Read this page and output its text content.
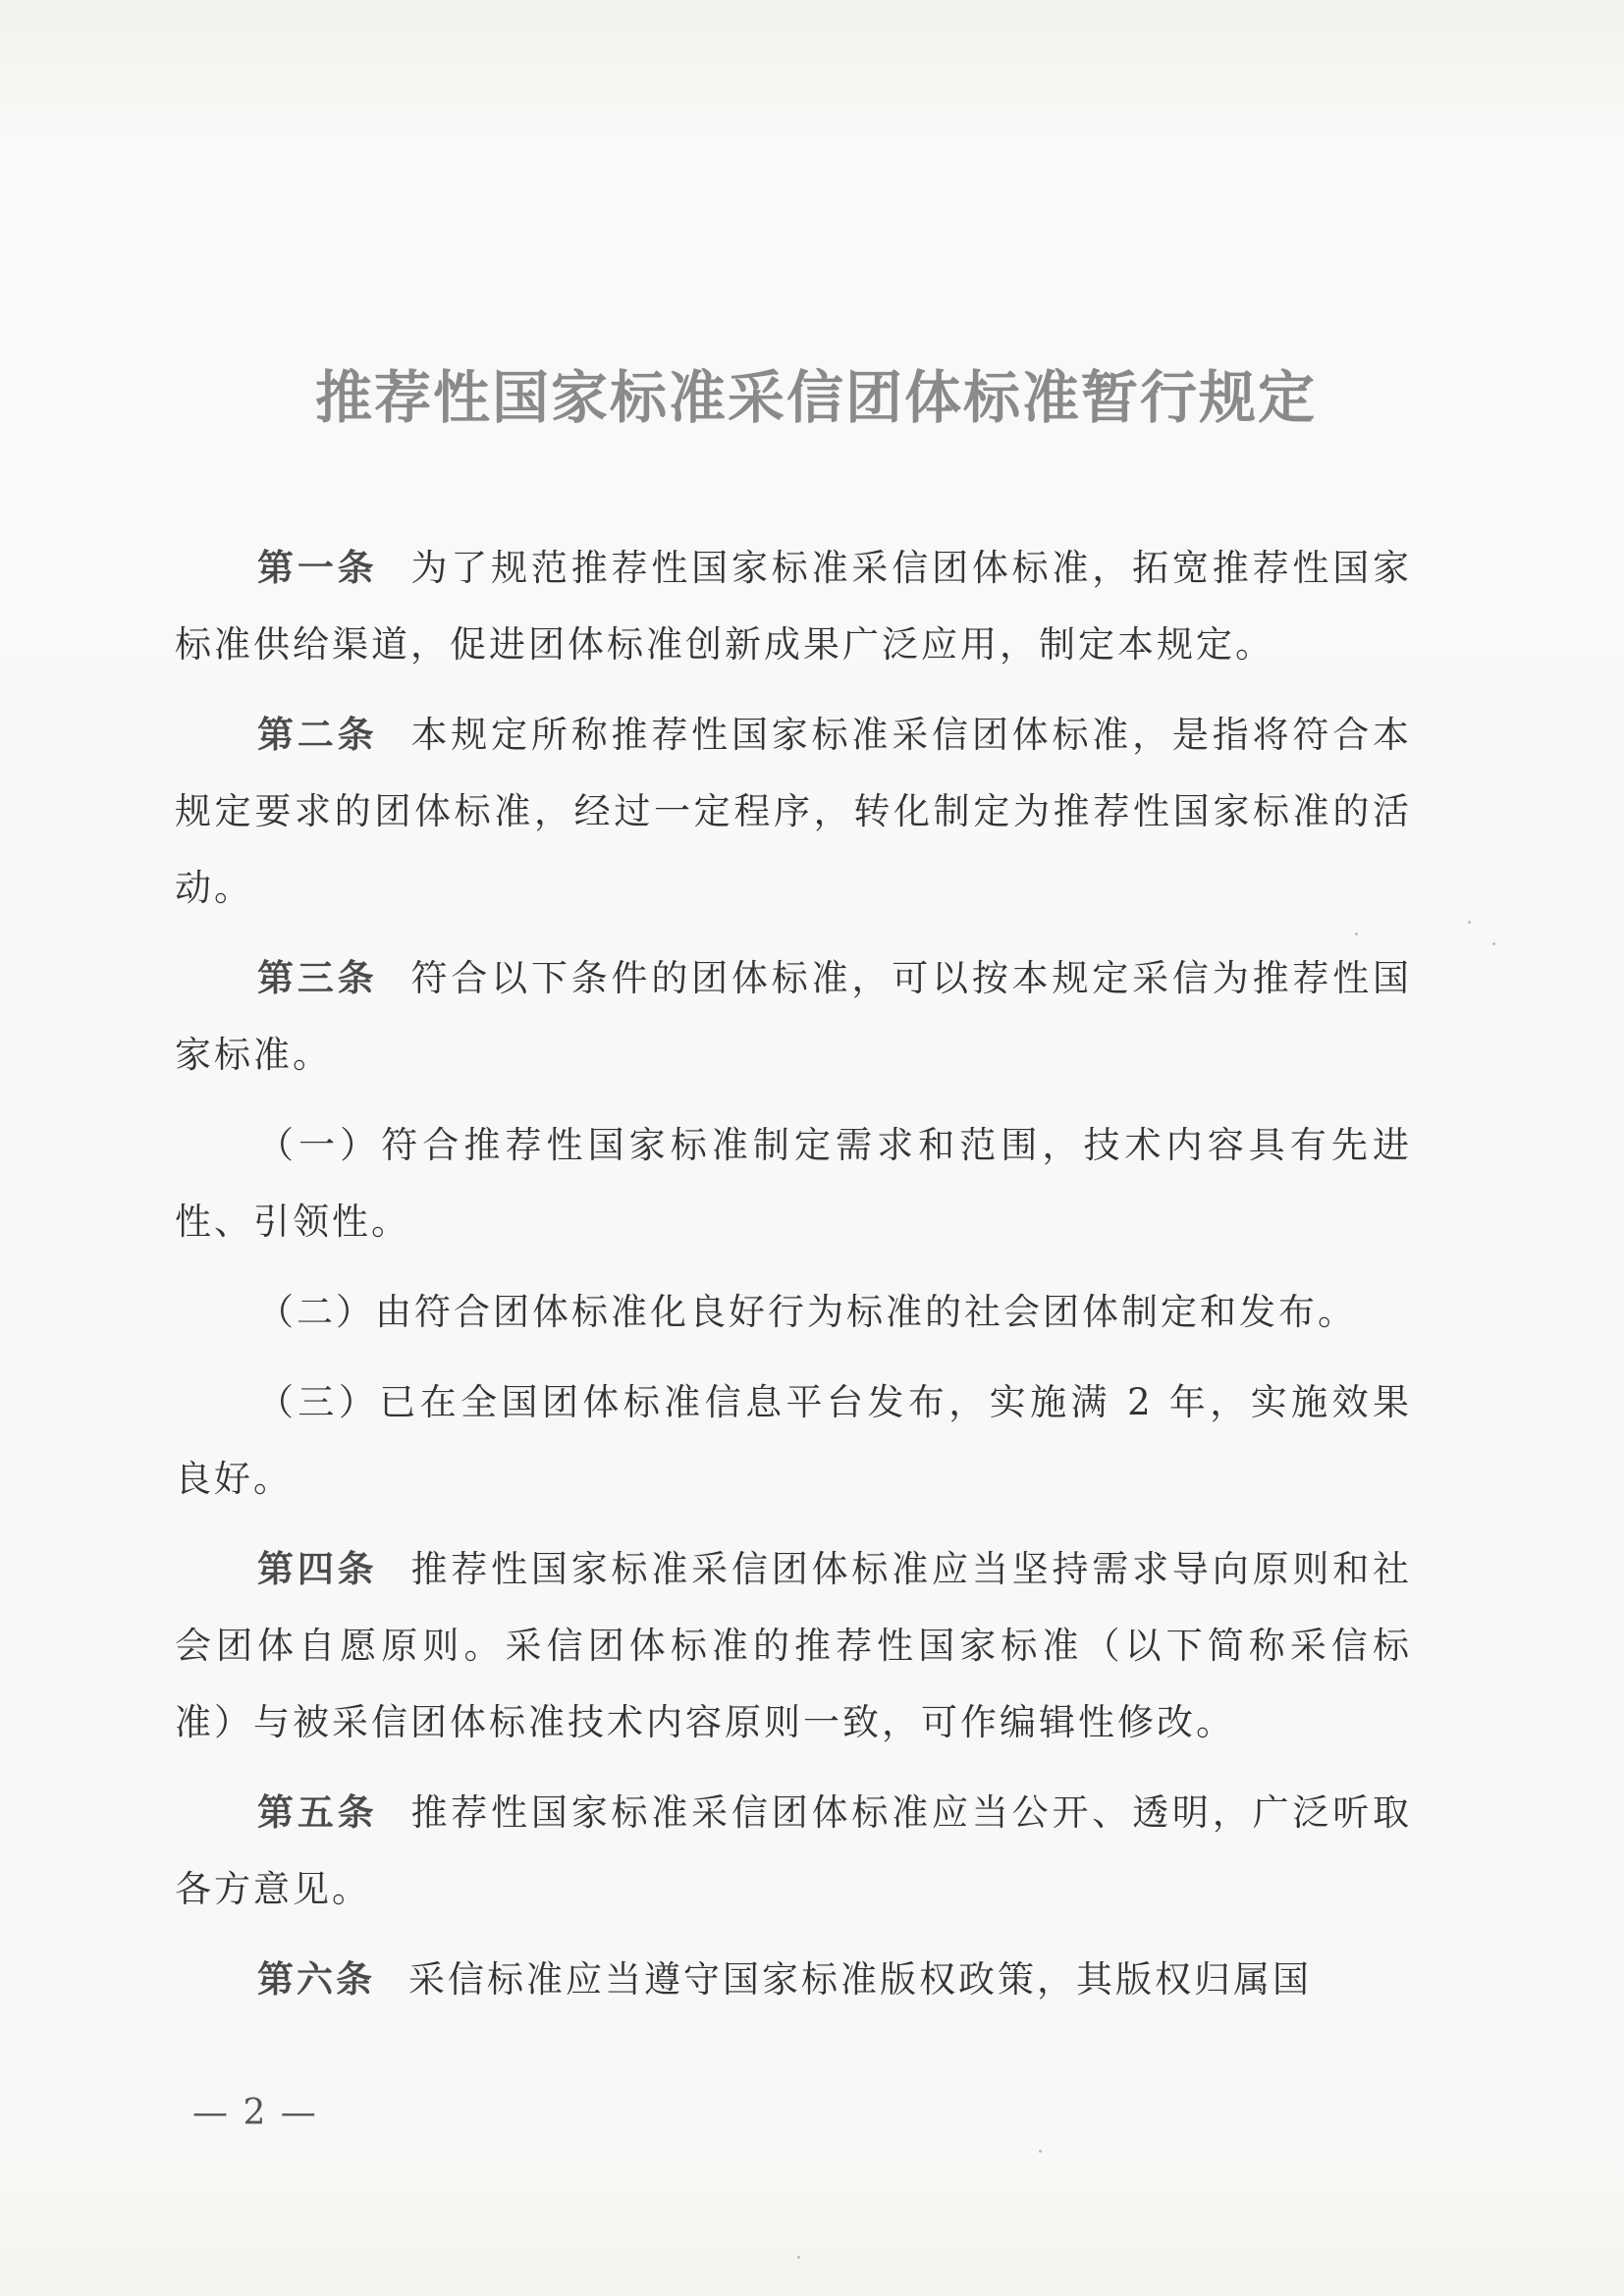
推荐性国家标准采信团体标准暂行规定

第一条 为了规范推荐性国家标准采信团体标准，拓宽推荐性国家标准供给渠道，促进团体标准创新成果广泛应用，制定本规定。

第二条 本规定所称推荐性国家标准采信团体标准，是指将符合本规定要求的团体标准，经过一定程序，转化制定为推荐性国家标准的活动。

第三条 符合以下条件的团体标准，可以按本规定采信为推荐性国家标准。

（一）符合推荐性国家标准制定需求和范围，技术内容具有先进性、引领性。

（二）由符合团体标准化良好行为标准的社会团体制定和发布。

（三）已在全国团体标准信息平台发布，实施满 2 年，实施效果良好。

第四条 推荐性国家标准采信团体标准应当坚持需求导向原则和社会团体自愿原则。采信团体标准的推荐性国家标准（以下简称采信标准）与被采信团体标准技术内容原则一致，可作编辑性修改。

第五条 推荐性国家标准采信团体标准应当公开、透明，广泛听取各方意见。

第六条 采信标准应当遵守国家标准版权政策，其版权归属国

— 2 —
